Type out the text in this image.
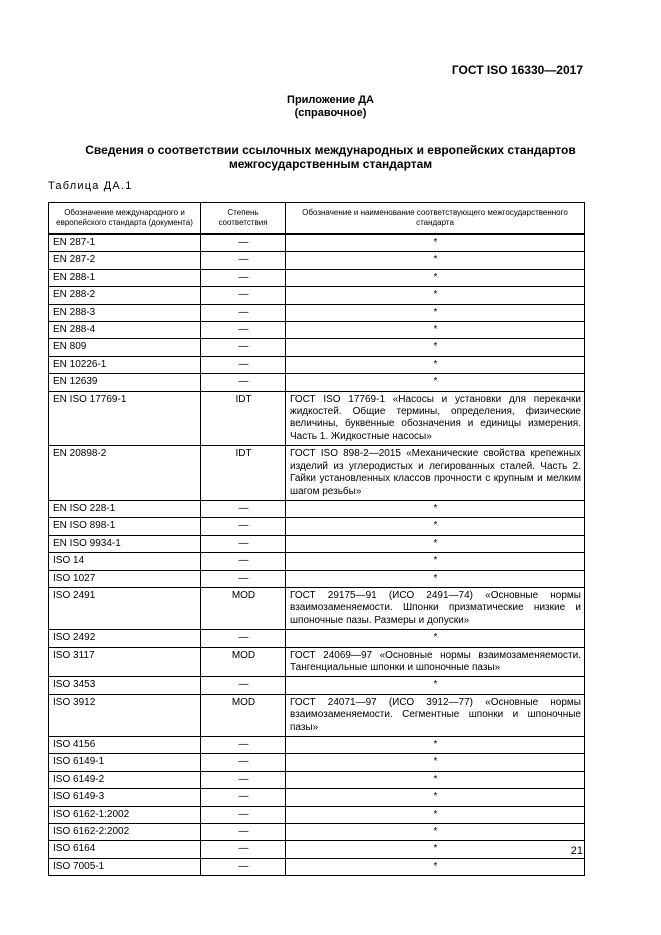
ГОСТ ISO 16330—2017
Приложение ДА
(справочное)
Сведения о соответствии ссылочных международных и европейских стандартов
межгосударственным стандартам
Таблица ДА.1
Обозначение международного и европейского стандарта (документа)	Степень соответствия	Обозначение и наименование соответствующего межгосударственного стандарта
EN 287-1	—	*
EN 287-2	—	*
EN 288-1	—	*
EN 288-2	—	*
EN 288-3	—	*
EN 288-4	—	*
EN 809	—	*
EN 10226-1	—	*
EN 12639	—	*
EN ISO 17769-1	IDT	ГОСТ ISO 17769-1 «Насосы и установки для перекачки жидкостей. Общие термины, определения, физические величины, буквенные обозначения и единицы измерения. Часть 1. Жидкостные насосы»
EN 20898-2	IDT	ГОСТ ISO 898-2—2015 «Механические свойства крепежных изделий из углеродистых и легированных сталей. Часть 2. Гайки установленных классов прочности с крупным и мелким шагом резьбы»
EN ISO 228-1	—	*
EN ISO 898-1	—	*
EN ISO 9934-1	—	*
ISO 14	—	*
ISO 1027	—	*
ISO 2491	MOD	ГОСТ 29175—91 (ИСО 2491—74) «Основные нормы взаимозаменяемости. Шпонки призматические низкие и шпоночные пазы. Размеры и допуски»
ISO 2492	—	*
ISO 3117	MOD	ГОСТ 24069—97 «Основные нормы взаимозаменяемости. Тангенциальные шпонки и шпоночные пазы»
ISO 3453	—	*
ISO 3912	MOD	ГОСТ 24071—97 (ИСО 3912—77) «Основные нормы взаимозаменяемости. Сегментные шпонки и шпоночные пазы»
ISO 4156	—	*
ISO 6149-1	—	*
ISO 6149-2	—	*
ISO 6149-3	—	*
ISO 6162-1:2002	—	*
ISO 6162-2:2002	—	*
ISO 6164	—	*
ISO 7005-1	—	*
21
